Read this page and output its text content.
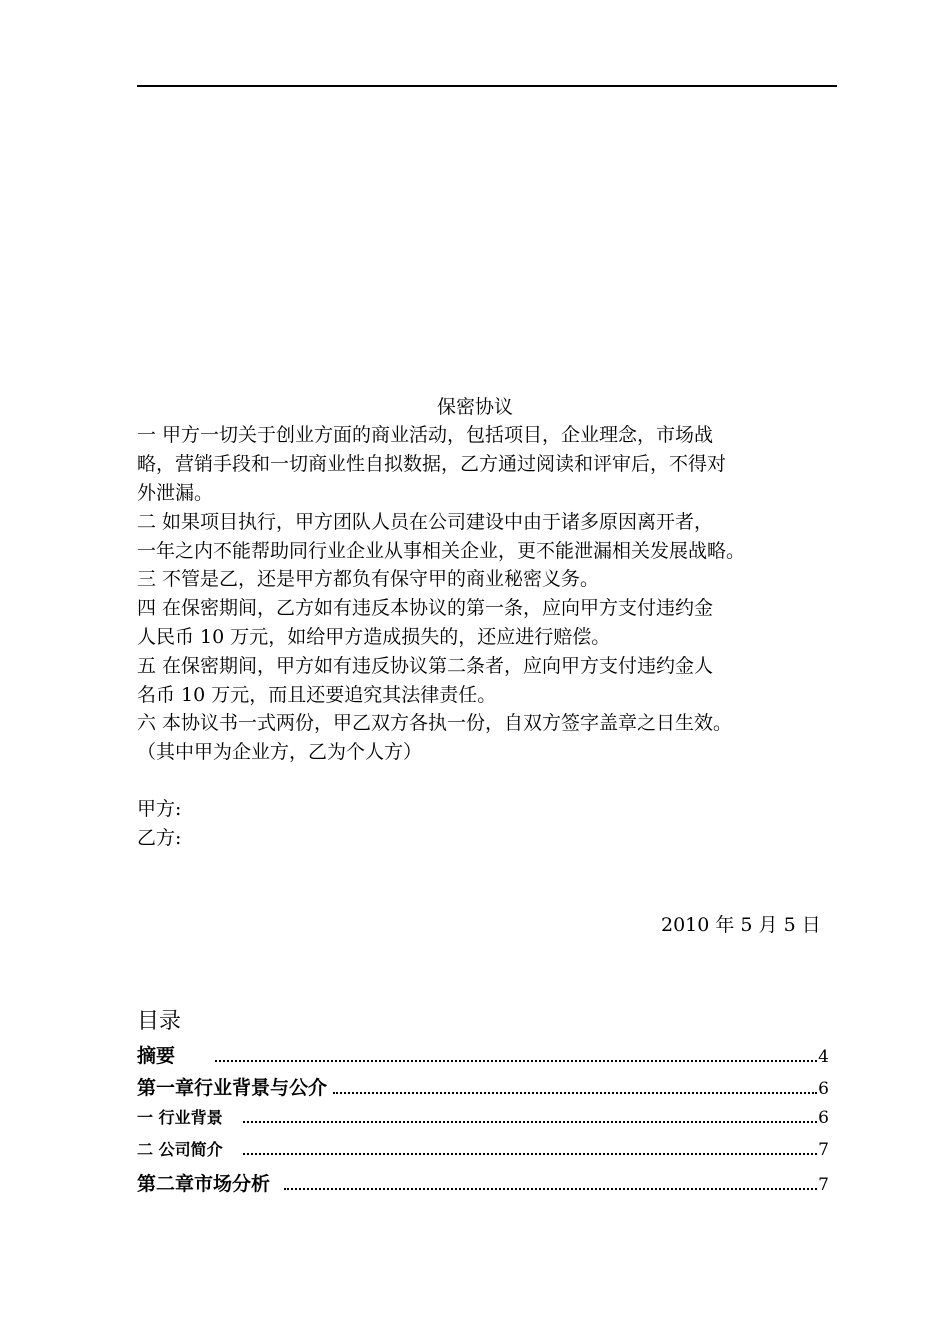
保密协议
一 甲方一切关于创业方面的商业活动，包括项目，企业理念，市场战
略，营销手段和一切商业性自拟数据，乙方通过阅读和评审后，不得对
外泄漏。
二 如果项目执行，甲方团队人员在公司建设中由于诸多原因离开者，
一年之内不能帮助同行业企业从事相关企业，更不能泄漏相关发展战略。
三 不管是乙，还是甲方都负有保守甲的商业秘密义务。
四 在保密期间，乙方如有违反本协议的第一条，应向甲方支付违约金
人民币 10 万元，如给甲方造成损失的，还应进行赔偿。
五 在保密期间，甲方如有违反协议第二条者，应向甲方支付违约金人
名币 10 万元，而且还要追究其法律责任。
六 本协议书一式两份，甲乙双方各执一份，自双方签字盖章之日生效。
（其中甲为企业方，乙为个人方）
甲方:
乙方:
2010 年 5 月 5 日
目录
摘要	4
第一章行业背景与公介	6
一 行业背景	6
二 公司简介	7
第二章市场分析	7
